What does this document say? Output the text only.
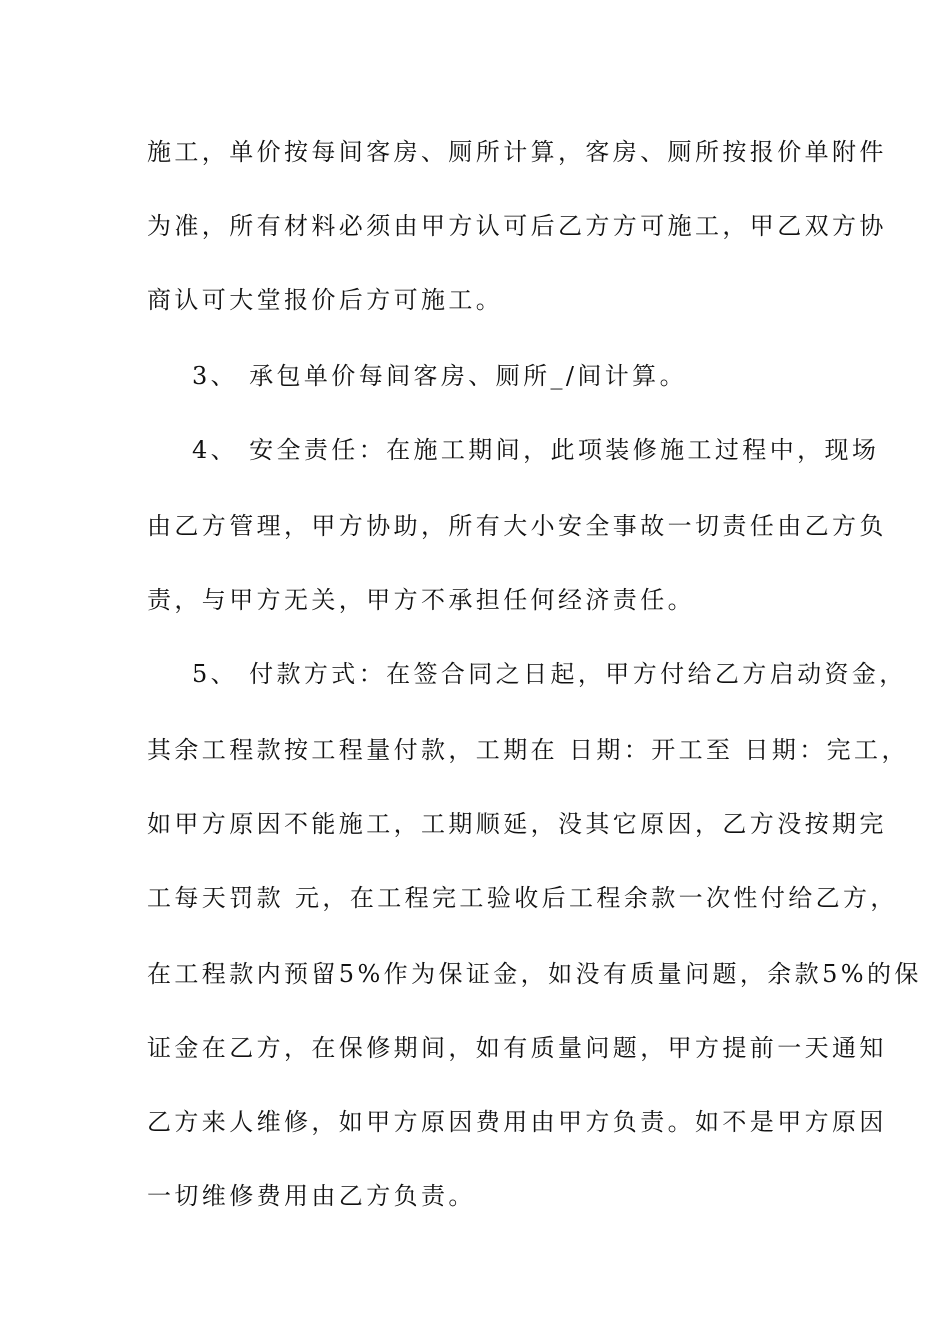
施工，单价按每间客房、厕所计算，客房、厕所按报价单附件
为准，所有材料必须由甲方认可后乙方方可施工，甲乙双方协
商认可大堂报价后方可施工。
3、 承包单价每间客房、厕所_/间计算。
4、 安全责任：在施工期间，此项装修施工过程中，现场
由乙方管理，甲方协助，所有大小安全事故一切责任由乙方负
责，与甲方无关，甲方不承担任何经济责任。
5、 付款方式：在签合同之日起，甲方付给乙方启动资金，
其余工程款按工程量付款，工期在 日期：开工至 日期：完工，
如甲方原因不能施工，工期顺延，没其它原因，乙方没按期完
工每天罚款 元，在工程完工验收后工程余款一次性付给乙方，
在工程款内预留5%作为保证金，如没有质量问题，余款5%的保
证金在乙方，在保修期间，如有质量问题，甲方提前一天通知
乙方来人维修，如甲方原因费用由甲方负责。如不是甲方原因
一切维修费用由乙方负责。
